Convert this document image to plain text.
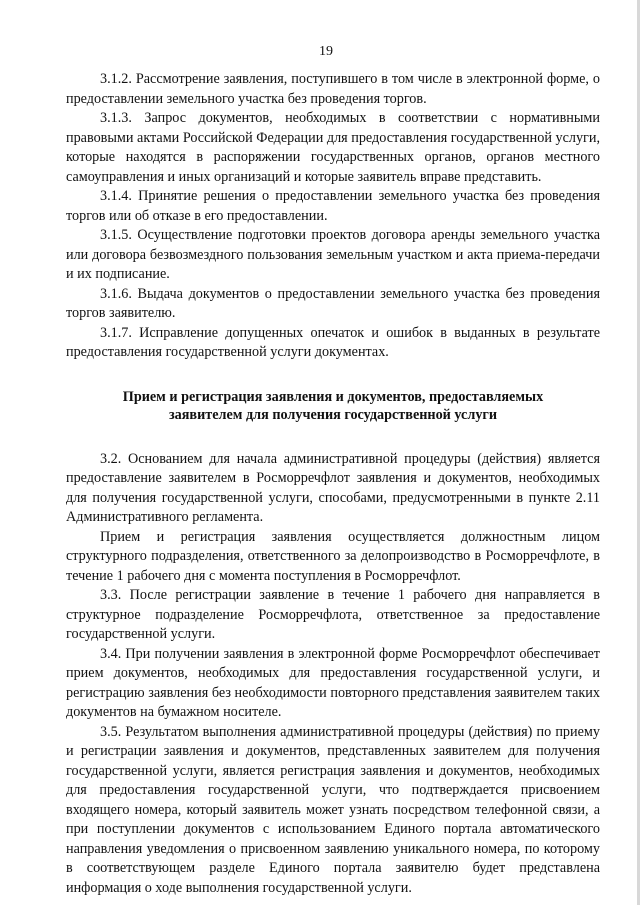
19

3.1.2. Рассмотрение заявления, поступившего в том числе в электронной форме, о предоставлении земельного участка без проведения торгов.

3.1.3. Запрос документов, необходимых в соответствии с нормативными правовыми актами Российской Федерации для предоставления государственной услуги, которые находятся в распоряжении государственных органов, органов местного самоуправления и иных организаций и которые заявитель вправе представить.

3.1.4. Принятие решения о предоставлении земельного участка без проведения торгов или об отказе в его предоставлении.

3.1.5. Осуществление подготовки проектов договора аренды земельного участка или договора безвозмездного пользования земельным участком и акта приема-передачи и их подписание.

3.1.6. Выдача документов о предоставлении земельного участка без проведения торгов заявителю.

3.1.7. Исправление допущенных опечаток и ошибок в выданных в результате предоставления государственной услуги документах.

Прием и регистрация заявления и документов, предоставляемых заявителем для получения государственной услуги

3.2. Основанием для начала административной процедуры (действия) является предоставление заявителем в Росморречфлот заявления и документов, необходимых для получения государственной услуги, способами, предусмотренными в пункте 2.11 Административного регламента.

Прием и регистрация заявления осуществляется должностным лицом структурного подразделения, ответственного за делопроизводство в Росморречфлоте, в течение 1 рабочего дня с момента поступления в Росморречфлот.

3.3. После регистрации заявление в течение 1 рабочего дня направляется в структурное подразделение Росморречфлота, ответственное за предоставление государственной услуги.

3.4. При получении заявления в электронной форме Росморречфлот обеспечивает прием документов, необходимых для предоставления государственной услуги, и регистрацию заявления без необходимости повторного представления заявителем таких документов на бумажном носителе.

3.5. Результатом выполнения административной процедуры (действия) по приему и регистрации заявления и документов, представленных заявителем для получения государственной услуги, является регистрация заявления и документов, необходимых для предоставления государственной услуги, что подтверждается присвоением входящего номера, который заявитель может узнать посредством телефонной связи, а при поступлении документов с использованием Единого портала автоматического направления уведомления о присвоенном заявлению уникального номера, по которому в соответствующем разделе Единого портала заявителю будет представлена информация о ходе выполнения государственной услуги.
